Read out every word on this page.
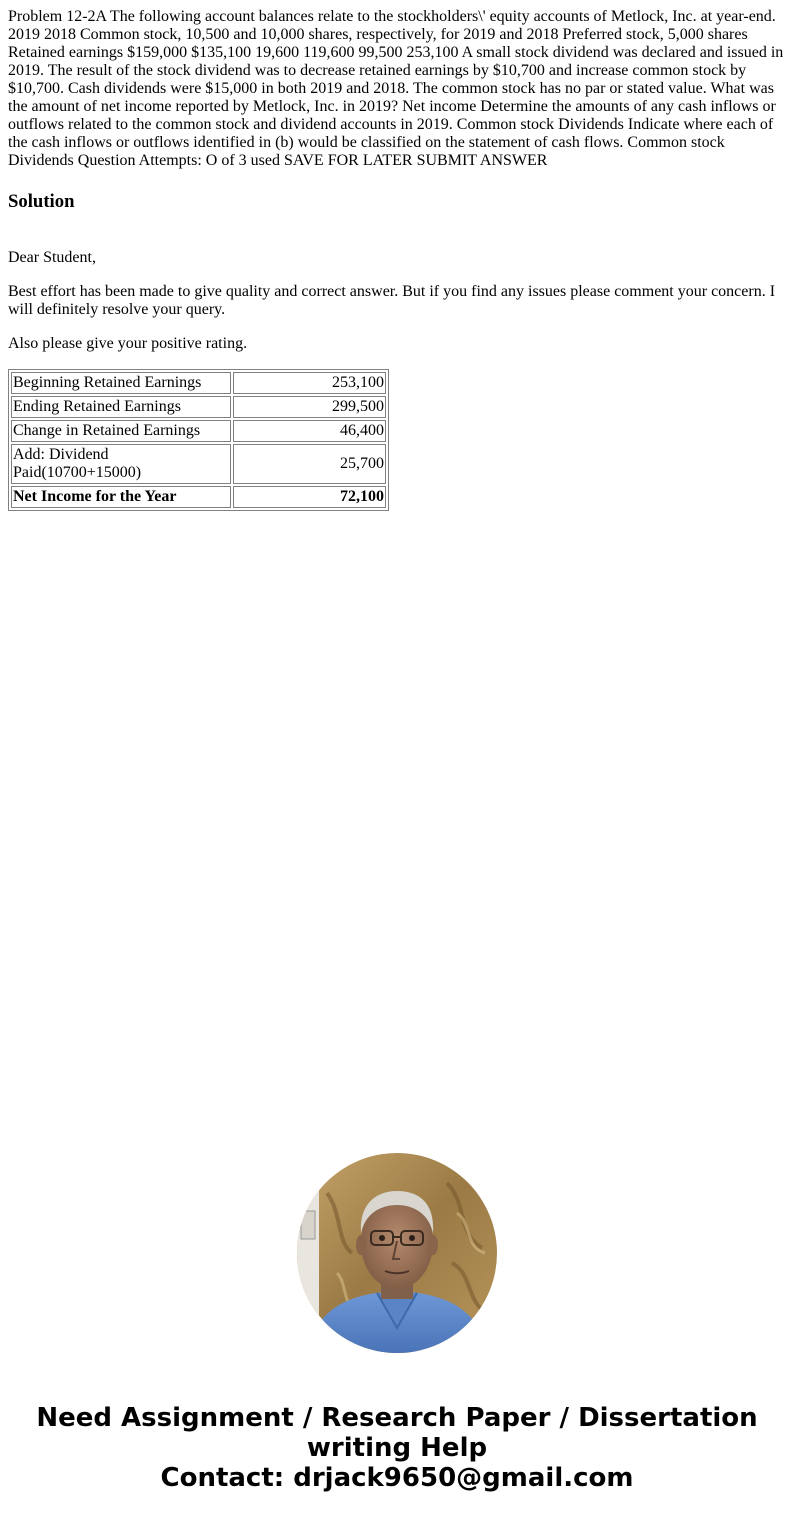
Problem 12-2A The following account balances relate to the stockholders\' equity accounts of Metlock, Inc. at year-end. 2019 2018 Common stock, 10,500 and 10,000 shares, respectively, for 2019 and 2018 Preferred stock, 5,000 shares Retained earnings $159,000 $135,100 19,600 119,600 99,500 253,100 A small stock dividend was declared and issued in 2019. The result of the stock dividend was to decrease retained earnings by $10,700 and increase common stock by $10,700. Cash dividends were $15,000 in both 2019 and 2018. The common stock has no par or stated value. What was the amount of net income reported by Metlock, Inc. in 2019? Net income Determine the amounts of any cash inflows or outflows related to the common stock and dividend accounts in 2019. Common stock Dividends Indicate where each of the cash inflows or outflows identified in (b) would be classified on the statement of cash flows. Common stock Dividends Question Attempts: O of 3 used SAVE FOR LATER SUBMIT ANSWER

Solution

Dear Student,

Best effort has been made to give quality and correct answer. But if you find any issues please comment your concern. I will definitely resolve your query.

Also please give your positive rating.

Beginning Retained Earnings	253,100
Ending Retained Earnings	299,500
Change in Retained Earnings	46,400
Add: Dividend Paid(10700+15000)	25,700
Net Income for the Year	72,100
Need Assignment / Research Paper / Dissertation
writing Help
Contact: drjack9650@gmail.com
